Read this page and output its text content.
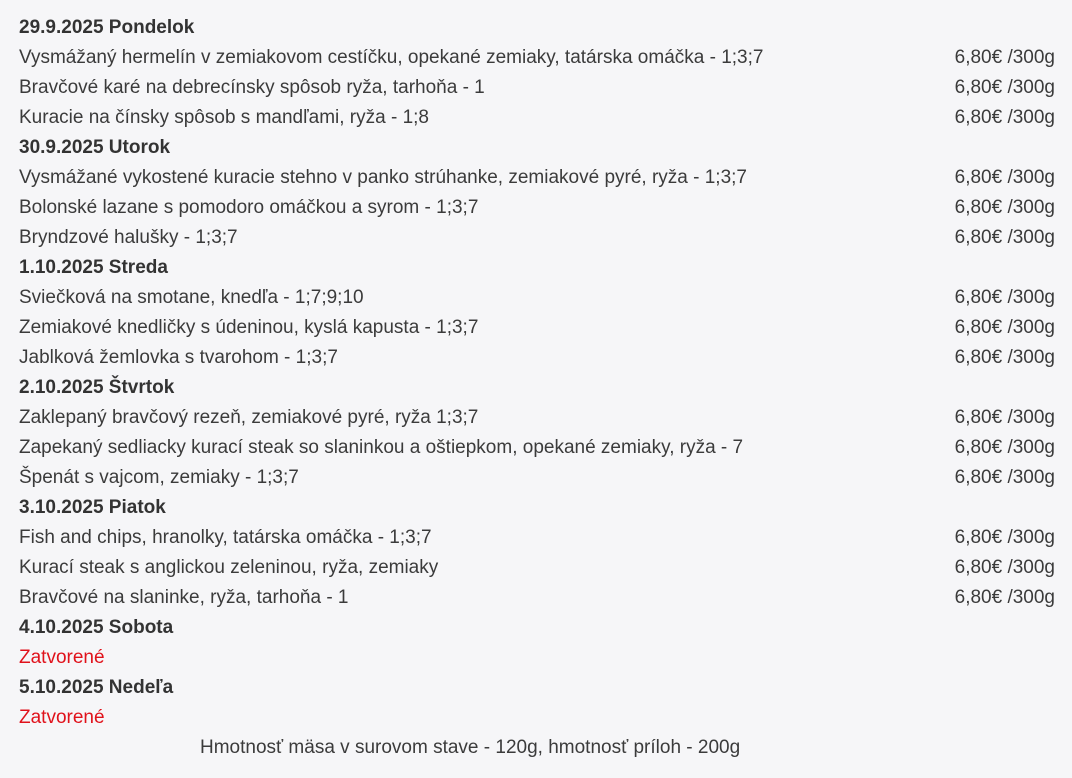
29.9.2025 Pondelok
Vysmážaný hermelín v zemiakovom cestíčku, opekané zemiaky, tatárska omáčka - 1;3;7	6,80€ /300g
Bravčové karé na debrecínsky spôsob ryža, tarhoňa - 1	6,80€ /300g
Kuracie na čínsky spôsob s mandľami, ryža - 1;8	6,80€ /300g
30.9.2025 Utorok
Vysmážané vykostené kuracie stehno v panko strúhanke, zemiakové pyré, ryža - 1;3;7	6,80€ /300g
Bolonské lazane s pomodoro omáčkou a syrom - 1;3;7	6,80€ /300g
Bryndzové halušky - 1;3;7	6,80€ /300g
1.10.2025 Streda
Sviečková na smotane, knedľa - 1;7;9;10	6,80€ /300g
Zemiakové knedličky s údeninou, kyslá kapusta - 1;3;7	6,80€ /300g
Jablková žemlovka s tvarohom - 1;3;7	6,80€ /300g
2.10.2025 Štvrtok
Zaklepaný bravčový rezeň, zemiakové pyré, ryža 1;3;7	6,80€ /300g
Zapekaný sedliacky kurací steak so slaninkou a oštiepkom, opekané zemiaky, ryža - 7	6,80€ /300g
Špenát s vajcom, zemiaky - 1;3;7	6,80€ /300g
3.10.2025 Piatok
Fish and chips, hranolky, tatárska omáčka - 1;3;7	6,80€ /300g
Kurací steak s anglickou zeleninou, ryža, zemiaky	6,80€ /300g
Bravčové na slaninke, ryža, tarhoňa - 1	6,80€ /300g
4.10.2025 Sobota
Zatvorené
5.10.2025 Nedeľa
Zatvorené
Hmotnosť mäsa v surovom stave - 120g, hmotnosť príloh - 200g
